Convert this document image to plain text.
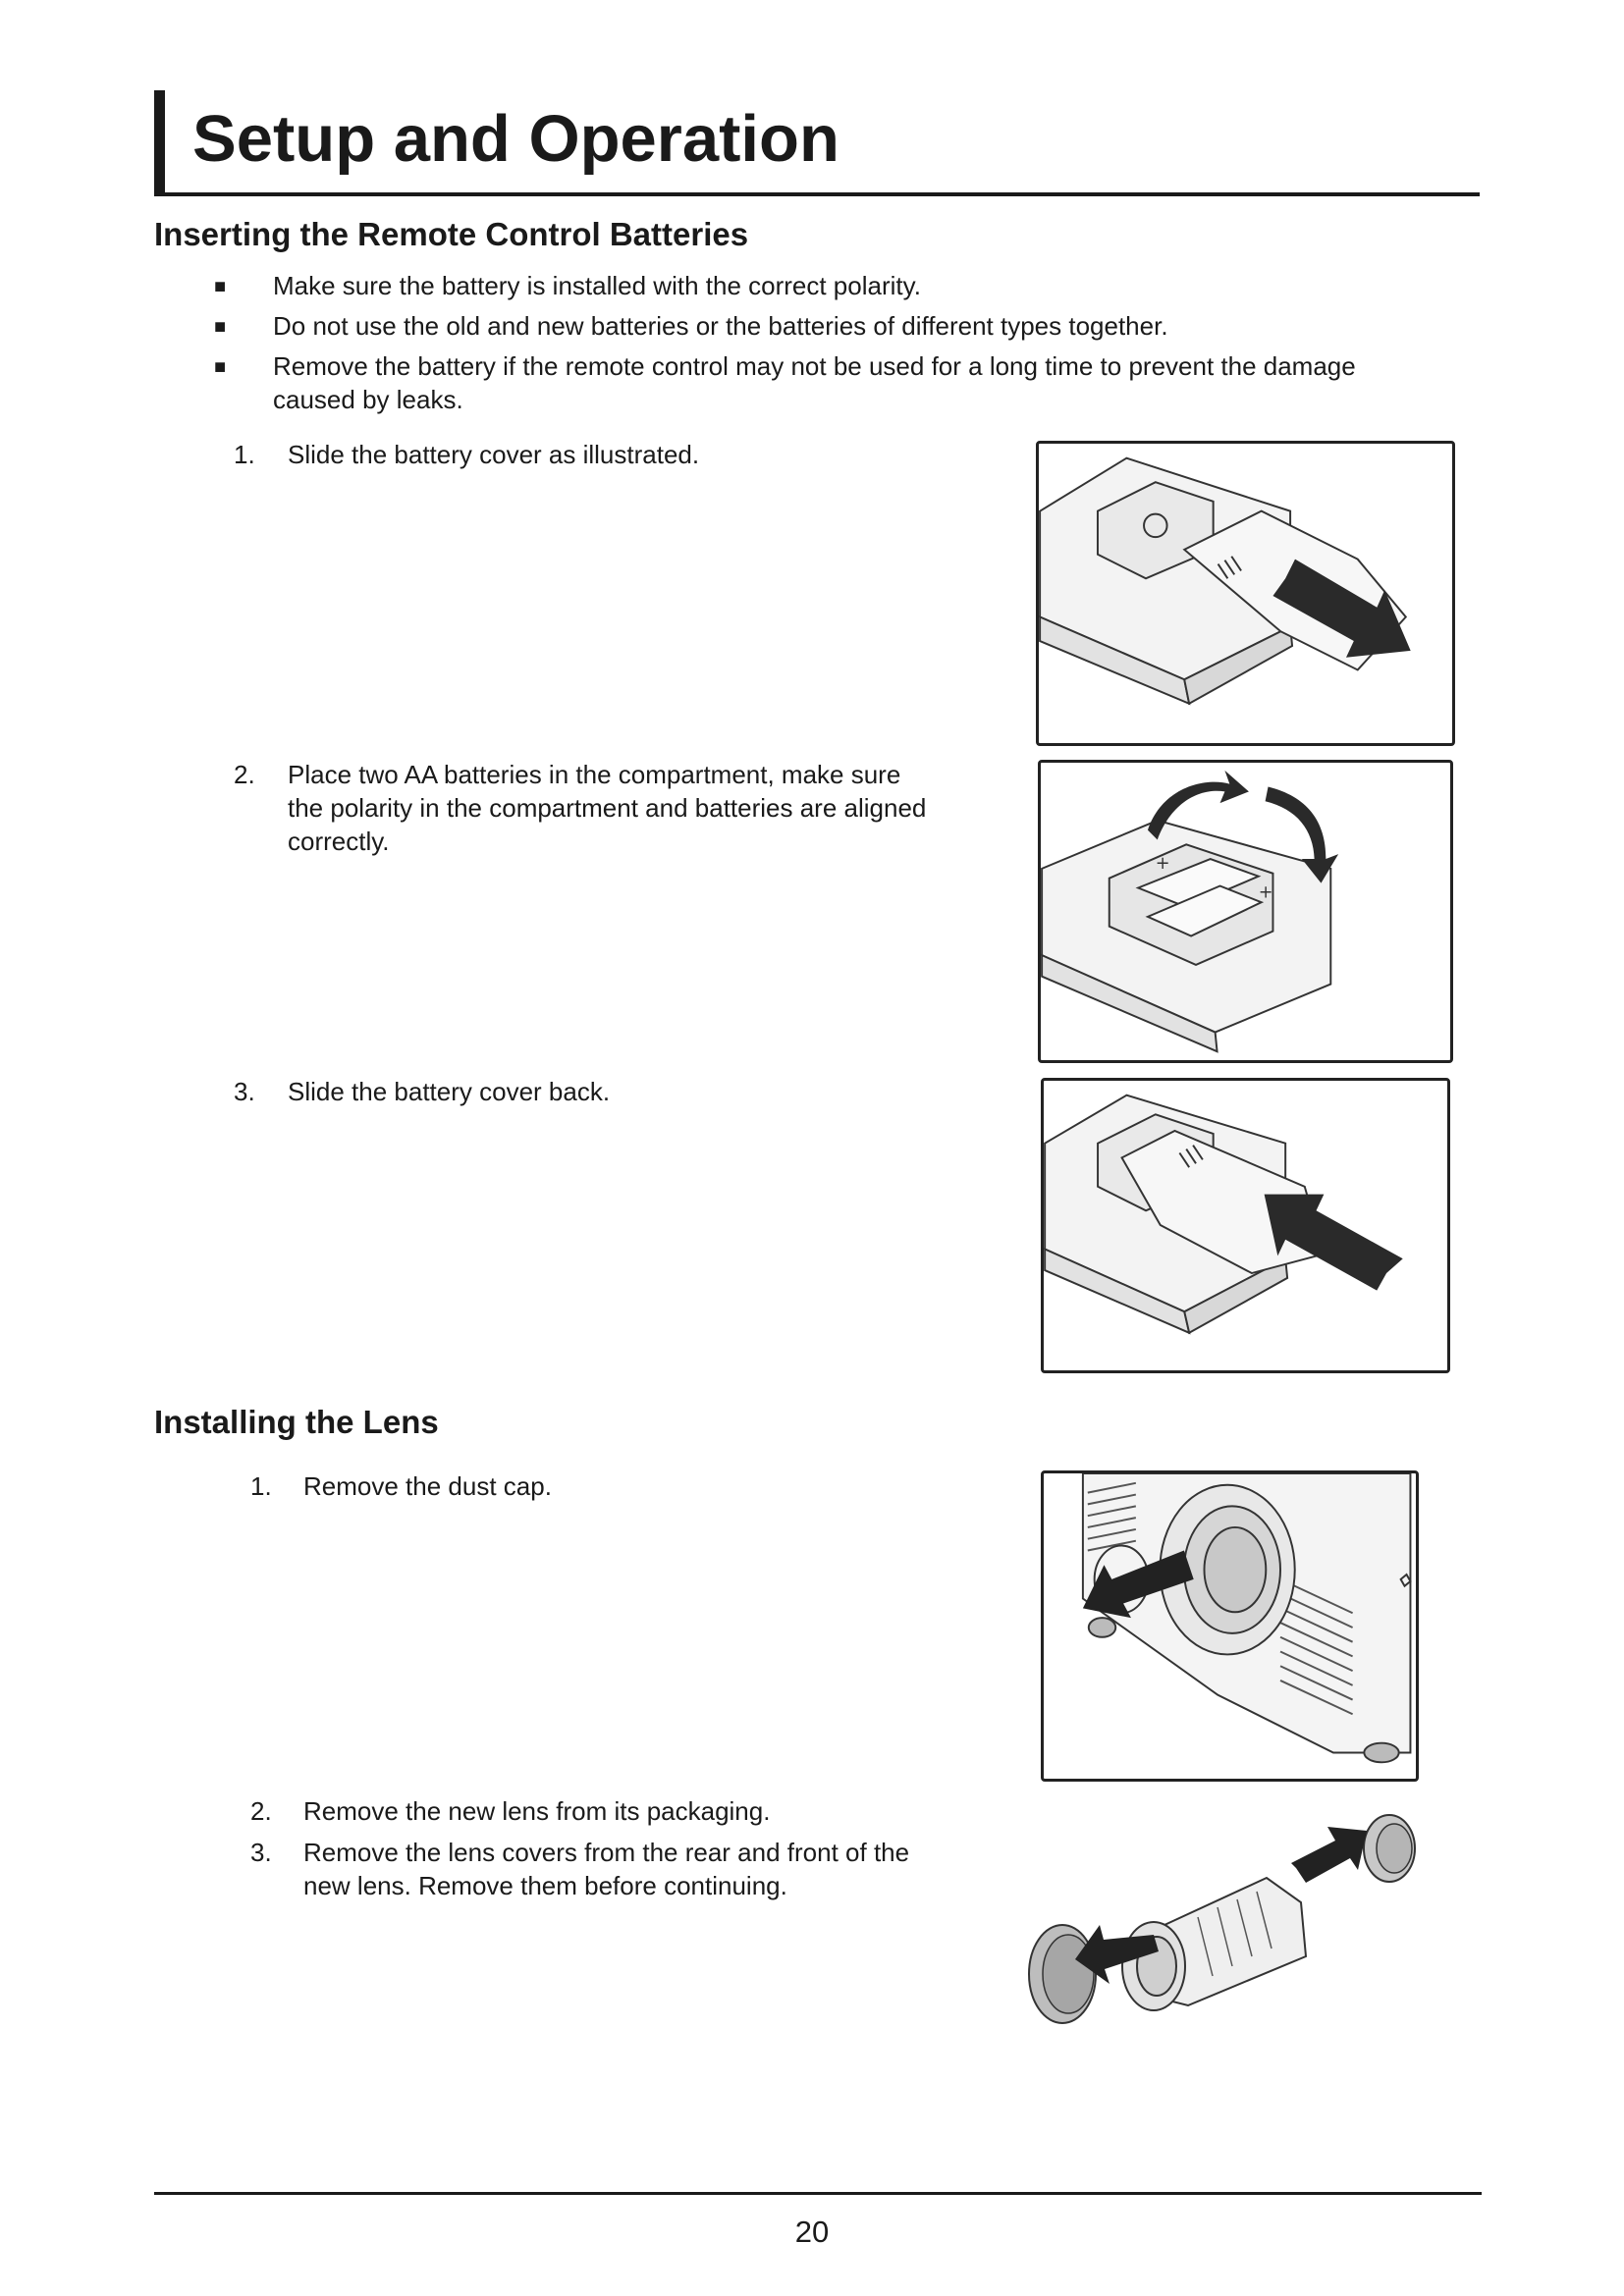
Setup and Operation
Inserting the Remote Control Batteries
■ Make sure the battery is installed with the correct polarity.
■ Do not use the old and new batteries or the batteries of different types together.
■ Remove the battery if the remote control may not be used for a long time to prevent the damage
caused by leaks.
1. Slide the battery cover as illustrated.
2. Place two AA batteries in the compartment, make sure
the polarity in the compartment and batteries are aligned
correctly.
3. Slide the battery cover back.
+
+
Installing the Lens
1. Remove the dust cap.
2. Remove the new lens from its packaging.
3. Remove the lens covers from the rear and front of the
new lens. Remove them before continuing.
20
